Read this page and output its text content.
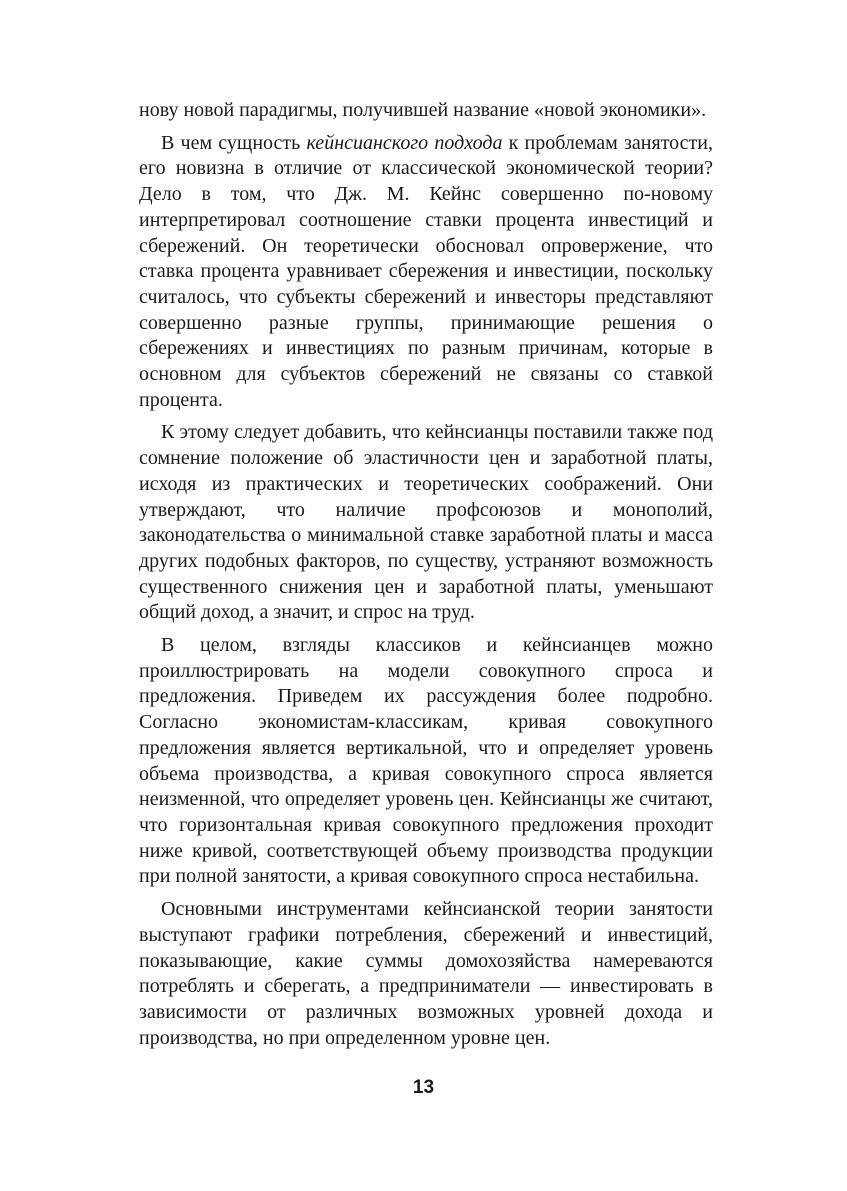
нову новой парадигмы, получившей название «новой экономики».

В чем сущность кейнсианского подхода к проблемам занятости, его новизна в отличие от классической экономической теории? Дело в том, что Дж. М. Кейнс совершенно по-новому интерпретировал соотношение ставки процента инвестиций и сбережений. Он теоретически обосновал опровержение, что ставка процента уравнивает сбережения и инвестиции, поскольку считалось, что субъекты сбережений и инвесторы представляют совершенно разные группы, принимающие решения о сбережениях и инвестициях по разным причинам, которые в основном для субъектов сбережений не связаны со ставкой процента.

К этому следует добавить, что кейнсианцы поставили также под сомнение положение об эластичности цен и заработной платы, исходя из практических и теоретических соображений. Они утверждают, что наличие профсоюзов и монополий, законодательства о минимальной ставке заработной платы и масса других подобных факторов, по существу, устраняют возможность существенного снижения цен и заработной платы, уменьшают общий доход, а значит, и спрос на труд.

В целом, взгляды классиков и кейнсианцев можно проиллюстрировать на модели совокупного спроса и предложения. Приведем их рассуждения более подробно. Согласно экономистам-классикам, кривая совокупного предложения является вертикальной, что и определяет уровень объема производства, а кривая совокупного спроса является неизменной, что определяет уровень цен. Кейнсианцы же считают, что горизонтальная кривая совокупного предложения проходит ниже кривой, соответствующей объему производства продукции при полной занятости, а кривая совокупного спроса нестабильна.

Основными инструментами кейнсианской теории занятости выступают графики потребления, сбережений и инвестиций, показывающие, какие суммы домохозяйства намереваются потреблять и сберегать, а предприниматели — инвестировать в зависимости от различных возможных уровней дохода и производства, но при определенном уровне цен.

13
